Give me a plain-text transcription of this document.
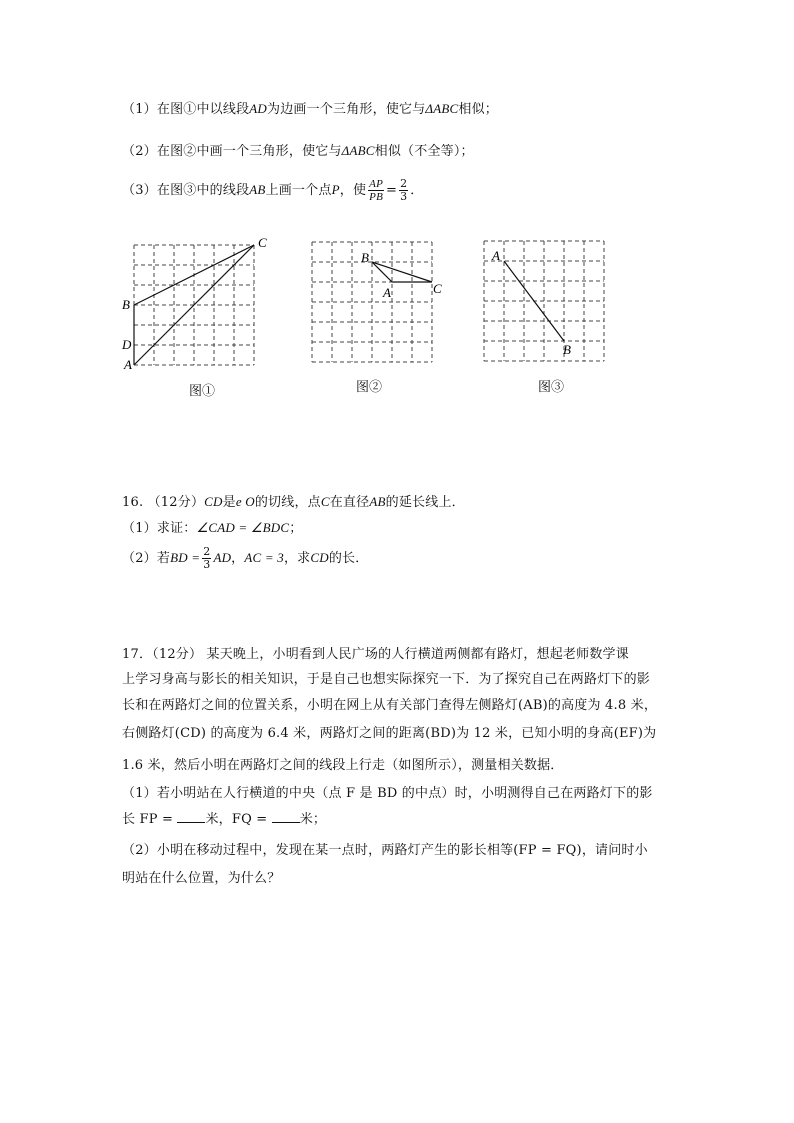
（1）在图①中以线段AD为边画一个三角形，使它与ΔABC相似；
（2）在图②中画一个三角形，使它与ΔABC相似（不全等）；
（3）在图③中的线段AB上画一个点P，使 $\frac{AP}{PB} = \frac{2}{3}$ ．
C
B
D
A
图①
B
A	C
图②
A
B
图③
16. （12分）CD是e O的切线，点C在直径AB的延长线上．
（1）求证：∠CAD = ∠BDC；
（2）若BD = $\frac{2}{3}$ AD，AC = 3，求CD的长．
17．（12分） 某天晚上，小明看到人民广场的人行横道两侧都有路灯，想起老师数学课
上学习身高与影长的相关知识，于是自己也想实际探究一下．为了探究自己在两路灯下的影
长和在两路灯之间的位置关系，小明在网上从有关部门查得左侧路灯(AB)的高度为 4.8 米，
右侧路灯(CD) 的高度为 6.4 米，两路灯之间的距离(BD)为 12 米，已知小明的身高(EF)为
1.6 米，然后小明在两路灯之间的线段上行走（如图所示），测量相关数据．
（1）若小明站在人行横道的中央（点 F 是 BD 的中点）时，小明测得自己在两路灯下的影
长 FP = 米，FQ = 米；
（2）小明在移动过程中，发现在某一点时，两路灯产生的影长相等(FP = FQ)，请问时小
明站在什么位置，为什么？
